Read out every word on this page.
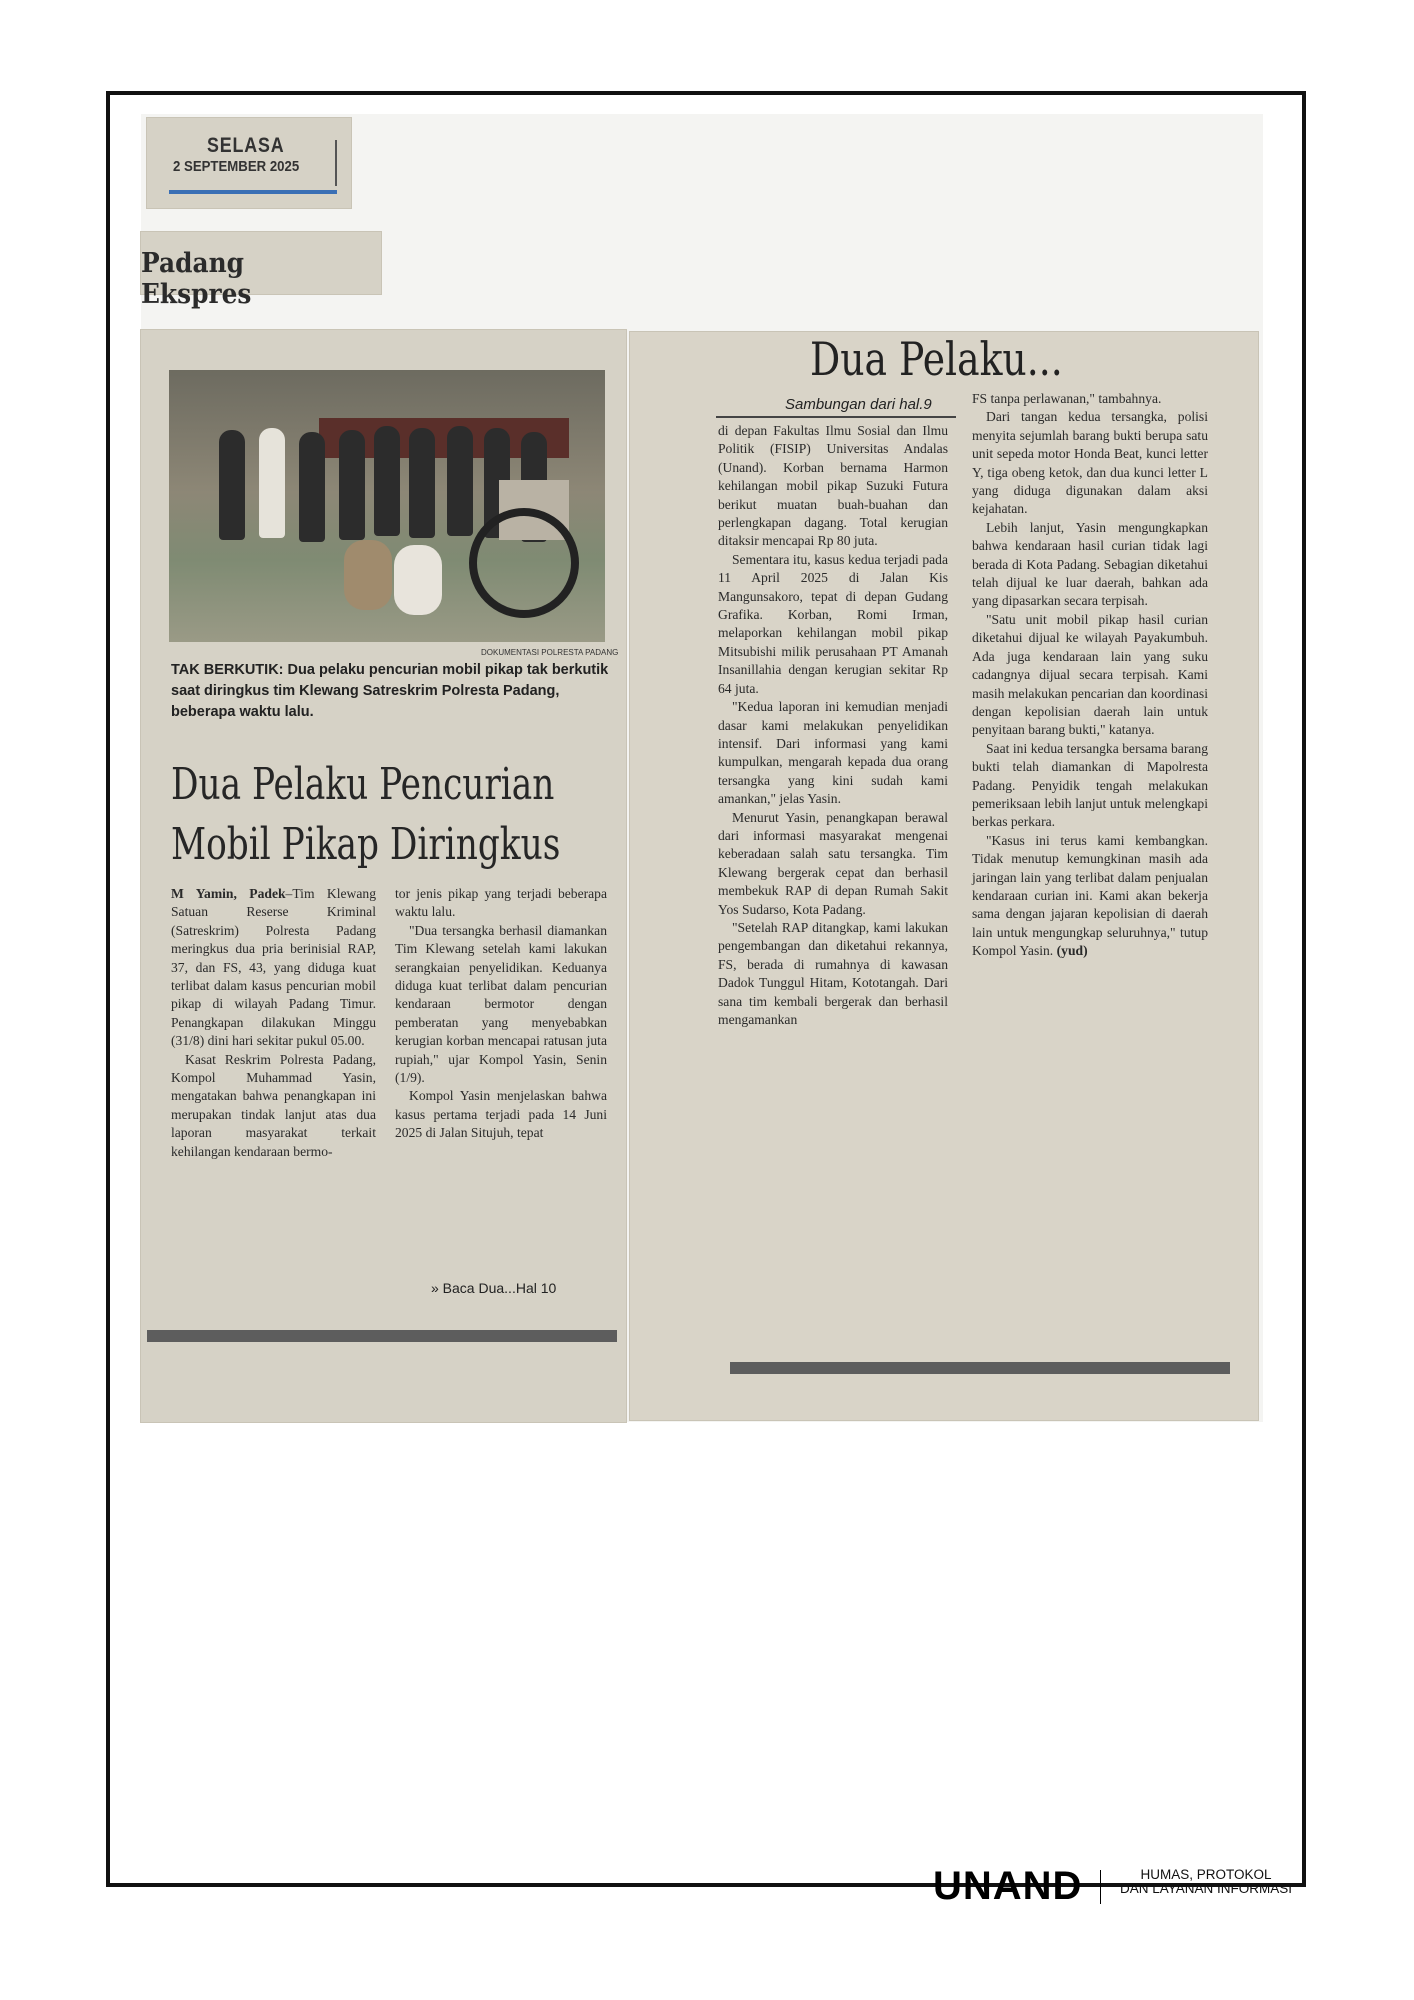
SELASA
2 SEPTEMBER 2025
Padang Ekspres
DOKUMENTASI POLRESTA PADANG
TAK BERKUTIK: Dua pelaku pencurian mobil pikap tak berkutik saat diringkus tim Klewang Satreskrim Polresta Padang, beberapa waktu lalu.
Dua Pelaku Pencurian
Mobil Pikap Diringkus

M Yamin, Padek–Tim Klewang Satuan Reserse Kriminal (Satreskrim) Polresta Padang meringkus dua pria berinisial RAP, 37, dan FS, 43, yang diduga kuat terlibat dalam kasus pencurian mobil pikap di wilayah Padang Timur. Penangkapan dilakukan Minggu (31/8) dini hari sekitar pukul 05.00.

Kasat Reskrim Polresta Padang, Kompol Muhammad Yasin, mengatakan bahwa penangkapan ini merupakan tindak lanjut atas dua laporan masyarakat terkait kehilangan kendaraan bermo-

tor jenis pikap yang terjadi beberapa waktu lalu.

"Dua tersangka berhasil diamankan Tim Klewang setelah kami lakukan serangkaian penyelidikan. Keduanya diduga kuat terlibat dalam pencurian kendaraan bermotor dengan pemberatan yang menyebabkan kerugian korban mencapai ratusan juta rupiah," ujar Kompol Yasin, Senin (1/9).

Kompol Yasin menjelaskan bahwa kasus pertama terjadi pada 14 Juni 2025 di Jalan Situjuh, tepat

» Baca Dua...Hal 10
Dua Pelaku...
Sambungan dari hal.9

di depan Fakultas Ilmu Sosial dan Ilmu Politik (FISIP) Universitas Andalas (Unand). Korban bernama Harmon kehilangan mobil pikap Suzuki Futura berikut muatan buah-buahan dan perlengkapan dagang. Total kerugian ditaksir mencapai Rp 80 juta.

Sementara itu, kasus kedua terjadi pada 11 April 2025 di Jalan Kis Mangunsakoro, tepat di depan Gudang Grafika. Korban, Romi Irman, melaporkan kehilangan mobil pikap Mitsubishi milik perusahaan PT Amanah Insanillahia dengan kerugian sekitar Rp 64 juta.

"Kedua laporan ini kemudian menjadi dasar kami melakukan penyelidikan intensif. Dari informasi yang kami kumpulkan, mengarah kepada dua orang tersangka yang kini sudah kami amankan," jelas Yasin.

Menurut Yasin, penangkapan berawal dari informasi masyarakat mengenai keberadaan salah satu tersangka. Tim Klewang bergerak cepat dan berhasil membekuk RAP di depan Rumah Sakit Yos Sudarso, Kota Padang.

"Setelah RAP ditangkap, kami lakukan pengembangan dan diketahui rekannya, FS, berada di rumahnya di kawasan Dadok Tunggul Hitam, Kototangah. Dari sana tim kembali bergerak dan berhasil mengamankan

FS tanpa perlawanan," tambahnya.

Dari tangan kedua tersangka, polisi menyita sejumlah barang bukti berupa satu unit sepeda motor Honda Beat, kunci letter Y, tiga obeng ketok, dan dua kunci letter L yang diduga digunakan dalam aksi kejahatan.

Lebih lanjut, Yasin mengungkapkan bahwa kendaraan hasil curian tidak lagi berada di Kota Padang. Sebagian diketahui telah dijual ke luar daerah, bahkan ada yang dipasarkan secara terpisah.

"Satu unit mobil pikap hasil curian diketahui dijual ke wilayah Payakumbuh. Ada juga kendaraan lain yang suku cadangnya dijual secara terpisah. Kami masih melakukan pencarian dan koordinasi dengan kepolisian daerah lain untuk penyitaan barang bukti," katanya.

Saat ini kedua tersangka bersama barang bukti telah diamankan di Mapolresta Padang. Penyidik tengah melakukan pemeriksaan lebih lanjut untuk melengkapi berkas perkara.

"Kasus ini terus kami kembangkan. Tidak menutup kemungkinan masih ada jaringan lain yang terlibat dalam penjualan kendaraan curian ini. Kami akan bekerja sama dengan jajaran kepolisian di daerah lain untuk mengungkap seluruhnya," tutup Kompol Yasin. (yud)

UNAND	HUMAS, PROTOKOL
DAN LAYANAN INFORMASI
